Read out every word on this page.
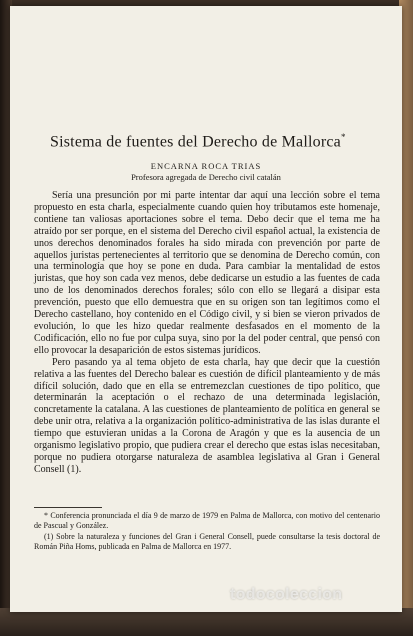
Sistema de fuentes del Derecho de Mallorca*
ENCARNA ROCA TRIAS
Profesora agregada de Derecho civil catalán

Sería una presunción por mi parte intentar dar aquí una lección sobre el tema propuesto en esta charla, especialmente cuando quien hoy tributamos este homenaje, contiene tan valiosas aportaciones sobre el tema. Debo decir que el tema me ha atraído por ser porque, en el sistema del Derecho civil español actual, la existencia de unos derechos denominados forales ha sido mirada con prevención por parte de aquellos juristas pertenecientes al territorio que se denomina de Derecho común, con una terminología que hoy se pone en duda. Para cambiar la mentalidad de estos juristas, que hoy son cada vez menos, debe dedicarse un estudio a las fuentes de cada uno de los denominados derechos forales; sólo con ello se llegará a disipar esta prevención, puesto que ello demuestra que en su origen son tan legítimos como el Derecho castellano, hoy contenido en el Código civil, y si bien se vieron privados de evolución, lo que les hizo quedar realmente desfasados en el momento de la Codificación, ello no fue por culpa suya, sino por la del poder central, que pensó con ello provocar la desaparición de estos sistemas jurídicos.

Pero pasando ya al tema objeto de esta charla, hay que decir que la cuestión relativa a las fuentes del Derecho balear es cuestión de difícil planteamiento y de más difícil solución, dado que en ella se entremezclan cuestiones de tipo político, que determinarán la aceptación o el rechazo de una determinada legislación, concretamente la catalana. A las cuestiones de planteamiento de política en general se debe unir otra, relativa a la organización político-administrativa de las islas durante el tiempo que estuvieran unidas a la Corona de Aragón y que es la ausencia de un organismo legislativo propio, que pudiera crear el derecho que estas islas necesitaban, porque no pudiera otorgarse naturaleza de asamblea legislativa al Gran i General Consell (1).

* Conferencia pronunciada el día 9 de marzo de 1979 en Palma de Mallorca, con motivo del centenario de Pascual y González.

(1) Sobre la naturaleza y funciones del Gran i General Consell, puede consultarse la tesis doctoral de Román Piña Homs, publicada en Palma de Mallorca en 1977.

todocoleccion
